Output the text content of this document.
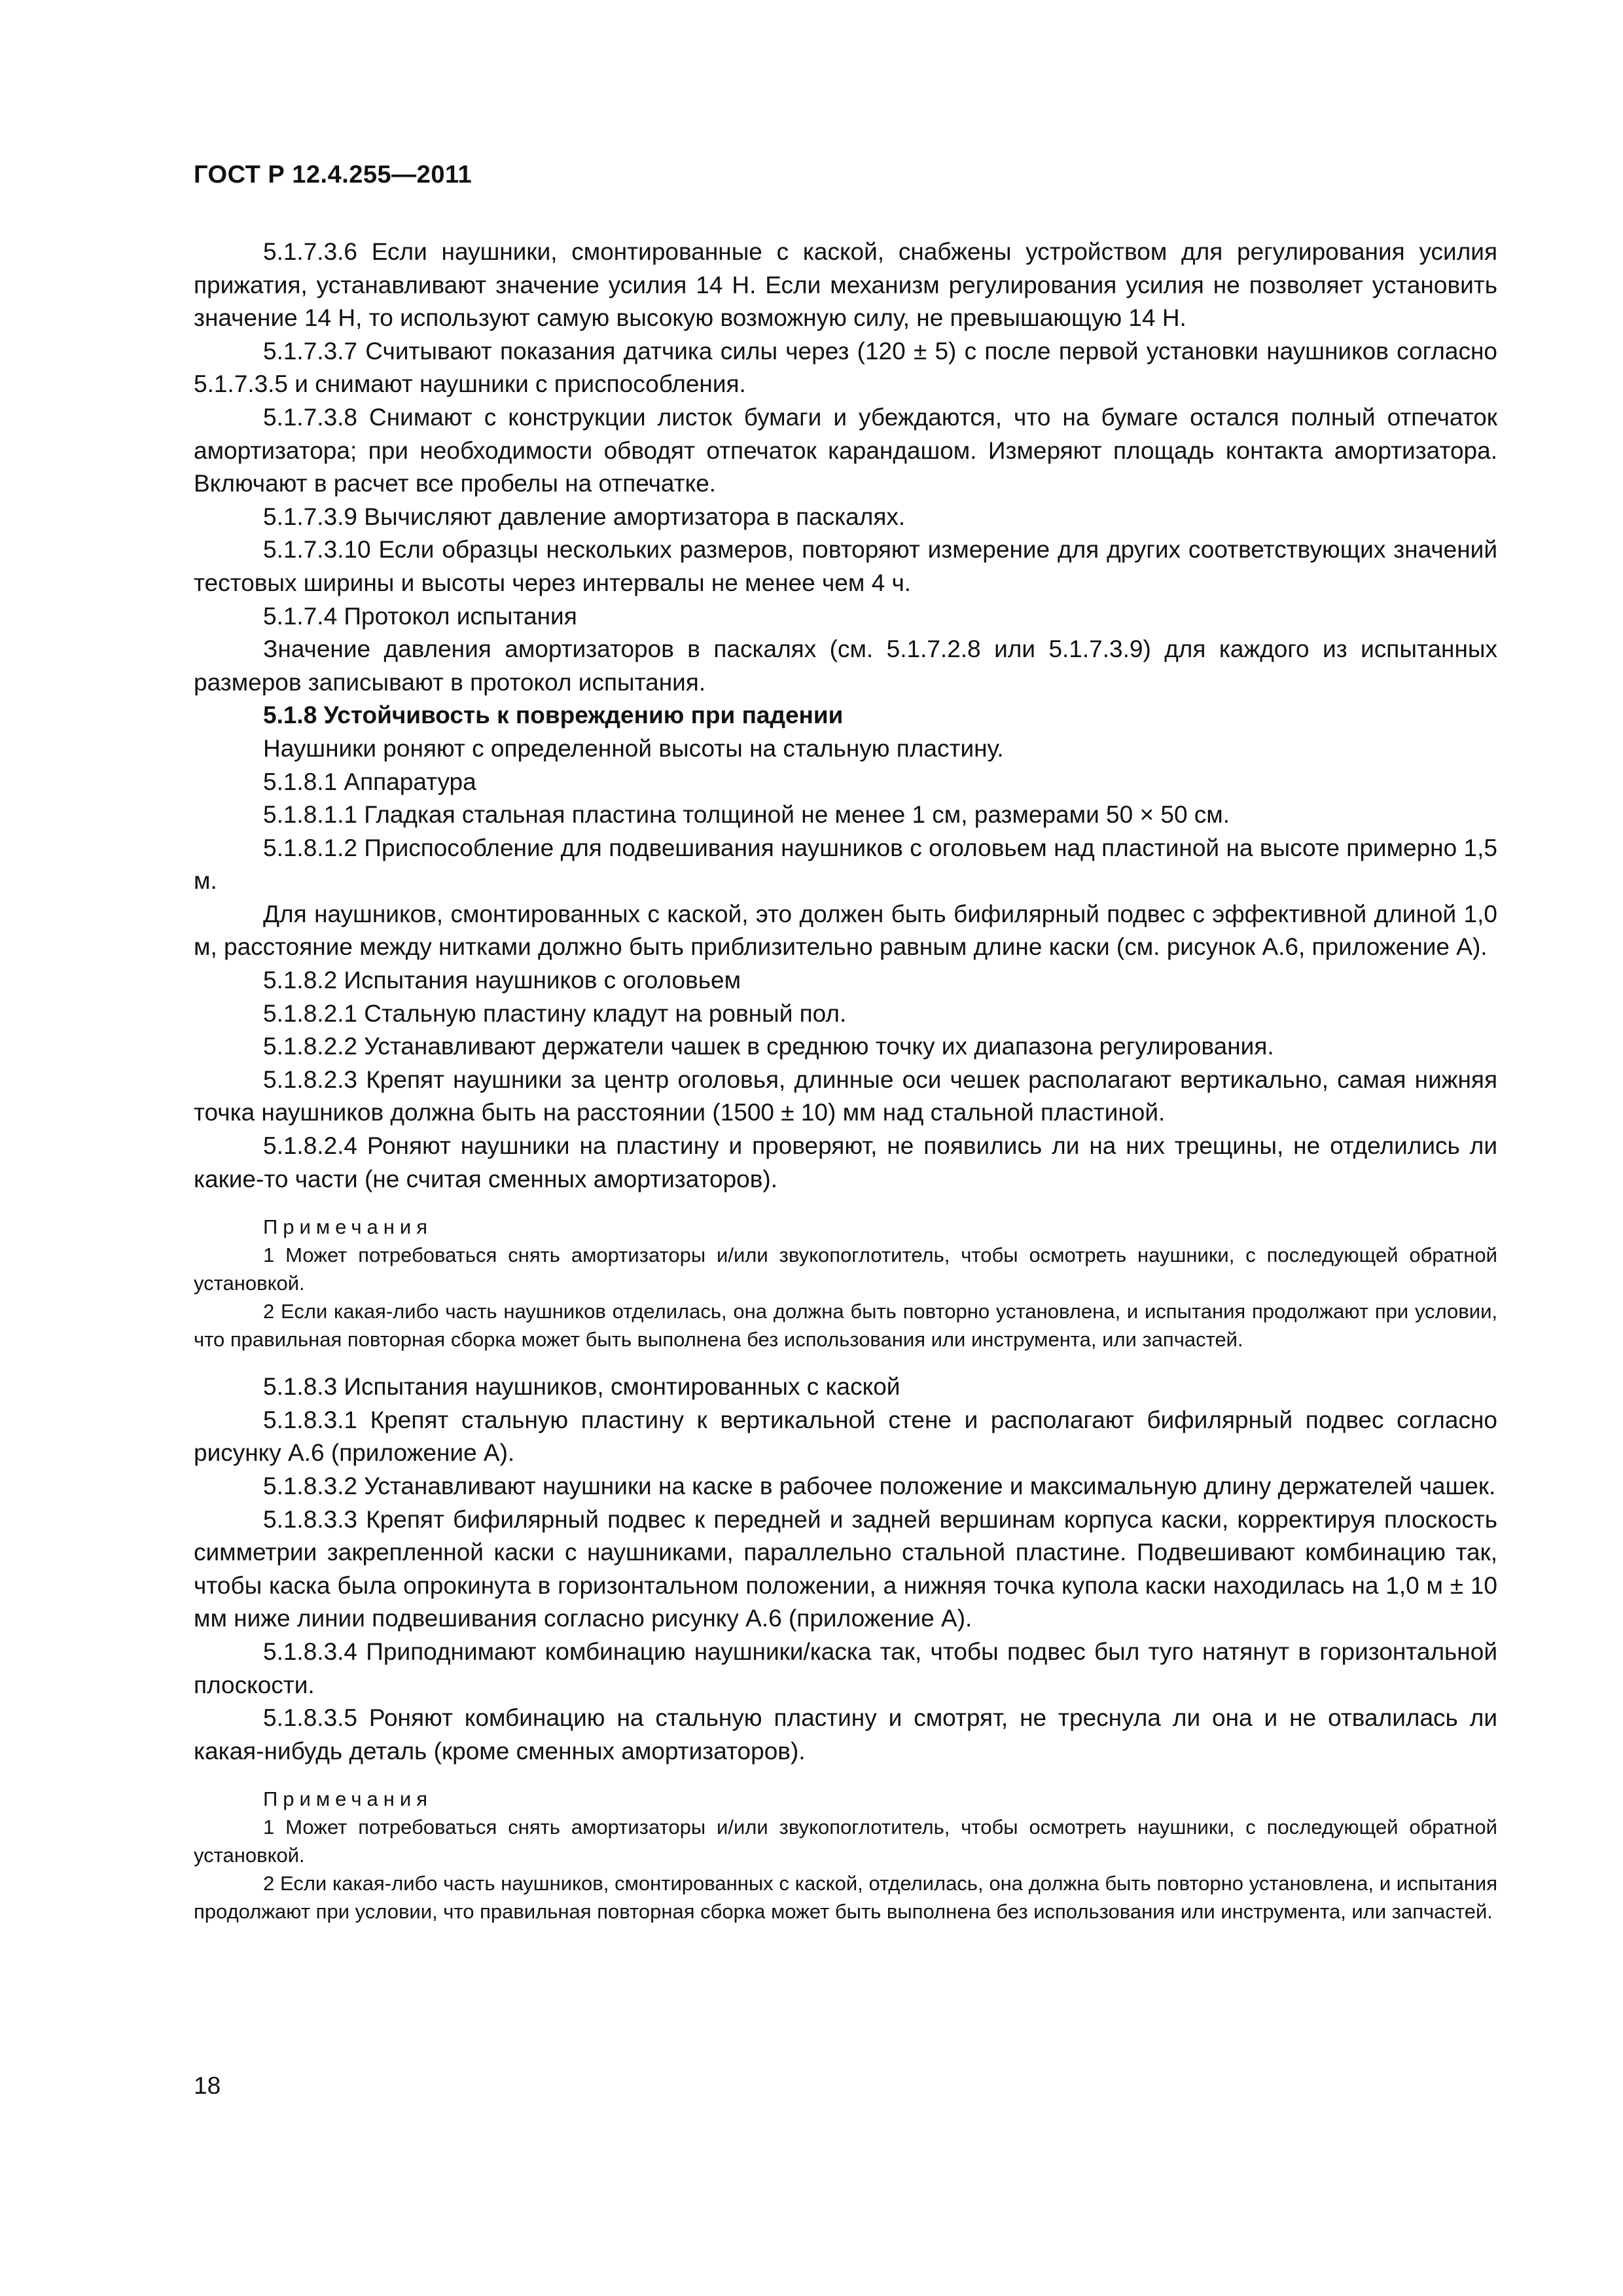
ГОСТ Р 12.4.255—2011

5.1.7.3.6 Если наушники, смонтированные с каской, снабжены устройством для регулирования усилия прижатия, устанавливают значение усилия 14 Н. Если механизм регулирования усилия не позволяет установить значение 14 Н, то используют самую высокую возможную силу, не превышающую 14 Н.

5.1.7.3.7 Считывают показания датчика силы через (120 ± 5) с после первой установки наушников согласно 5.1.7.3.5 и снимают наушники с приспособления.

5.1.7.3.8 Снимают с конструкции листок бумаги и убеждаются, что на бумаге остался полный отпечаток амортизатора; при необходимости обводят отпечаток карандашом. Измеряют площадь контакта амортизатора. Включают в расчет все пробелы на отпечатке.

5.1.7.3.9 Вычисляют давление амортизатора в паскалях.

5.1.7.3.10 Если образцы нескольких размеров, повторяют измерение для других соответствующих значений тестовых ширины и высоты через интервалы не менее чем 4 ч.

5.1.7.4 Протокол испытания

Значение давления амортизаторов в паскалях (см. 5.1.7.2.8 или 5.1.7.3.9) для каждого из испытанных размеров записывают в протокол испытания.

5.1.8 Устойчивость к повреждению при падении

Наушники роняют с определенной высоты на стальную пластину.

5.1.8.1 Аппаратура

5.1.8.1.1 Гладкая стальная пластина толщиной не менее 1 см, размерами 50 × 50 см.

5.1.8.1.2 Приспособление для подвешивания наушников с оголовьем над пластиной на высоте примерно 1,5 м.

Для наушников, смонтированных с каской, это должен быть бифилярный подвес с эффективной длиной 1,0 м, расстояние между нитками должно быть приблизительно равным длине каски (см. рисунок А.6, приложение А).

5.1.8.2 Испытания наушников с оголовьем

5.1.8.2.1 Стальную пластину кладут на ровный пол.

5.1.8.2.2 Устанавливают держатели чашек в среднюю точку их диапазона регулирования.

5.1.8.2.3 Крепят наушники за центр оголовья, длинные оси чешек располагают вертикально, самая нижняя точка наушников должна быть на расстоянии (1500 ± 10) мм над стальной пластиной.

5.1.8.2.4 Роняют наушники на пластину и проверяют, не появились ли на них трещины, не отделились ли какие-то части (не считая сменных амортизаторов).

Примечания

1 Может потребоваться снять амортизаторы и/или звукопоглотитель, чтобы осмотреть наушники, с последующей обратной установкой.

2 Если какая-либо часть наушников отделилась, она должна быть повторно установлена, и испытания продолжают при условии, что правильная повторная сборка может быть выполнена без использования или инструмента, или запчастей.

5.1.8.3 Испытания наушников, смонтированных с каской

5.1.8.3.1 Крепят стальную пластину к вертикальной стене и располагают бифилярный подвес согласно рисунку А.6 (приложение А).

5.1.8.3.2 Устанавливают наушники на каске в рабочее положение и максимальную длину держателей чашек.

5.1.8.3.3 Крепят бифилярный подвес к передней и задней вершинам корпуса каски, корректируя плоскость симметрии закрепленной каски с наушниками, параллельно стальной пластине. Подвешивают комбинацию так, чтобы каска была опрокинута в горизонтальном положении, а нижняя точка купола каски находилась на 1,0 м ± 10 мм ниже линии подвешивания согласно рисунку А.6 (приложение А).

5.1.8.3.4 Приподнимают комбинацию наушники/каска так, чтобы подвес был туго натянут в горизонтальной плоскости.

5.1.8.3.5 Роняют комбинацию на стальную пластину и смотрят, не треснула ли она и не отвалилась ли какая-нибудь деталь (кроме сменных амортизаторов).

Примечания

1 Может потребоваться снять амортизаторы и/или звукопоглотитель, чтобы осмотреть наушники, с последующей обратной установкой.

2 Если какая-либо часть наушников, смонтированных с каской, отделилась, она должна быть повторно установлена, и испытания продолжают при условии, что правильная повторная сборка может быть выполнена без использования или инструмента, или запчастей.

18
